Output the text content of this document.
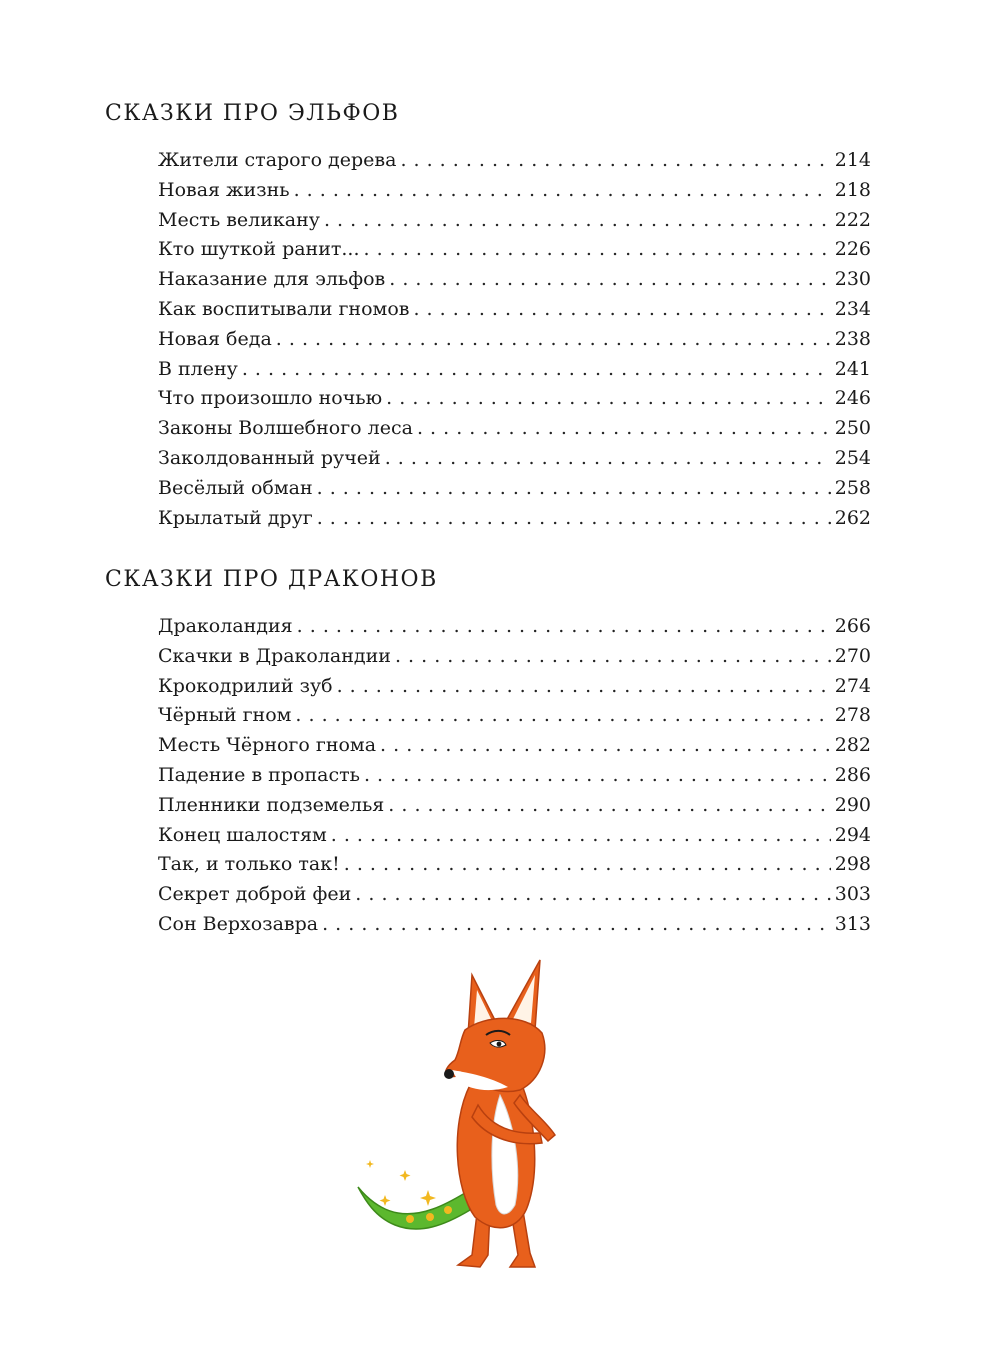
СКАЗКИ ПРО ЭЛЬФОВ
Жители старого дерева . . .	214
Новая жизнь . . .	218
Месть великану . . .	222
Кто шуткой ранит... . . .	226
Наказание для эльфов . . .	230
Как воспитывали гномов . . .	234
Новая беда . . .	238
В плену . . .	241
Что произошло ночью . . .	246
Законы Волшебного леса . . .	250
Заколдованный ручей . . .	254
Весёлый обман . . .	258
Крылатый друг . . .	262
СКАЗКИ ПРО ДРАКОНОВ
Драколандия . . .	266
Скачки в Драколандии . . .	270
Крокодрилий зуб . . .	274
Чёрный гном . . .	278
Месть Чёрного гнома . . .	282
Падение в пропасть . . .	286
Пленники подземелья . . .	290
Конец шалостям . . .	294
Так, и только так! . . .	298
Секрет доброй феи . . .	303
Сон Верхозавра . . .	313
